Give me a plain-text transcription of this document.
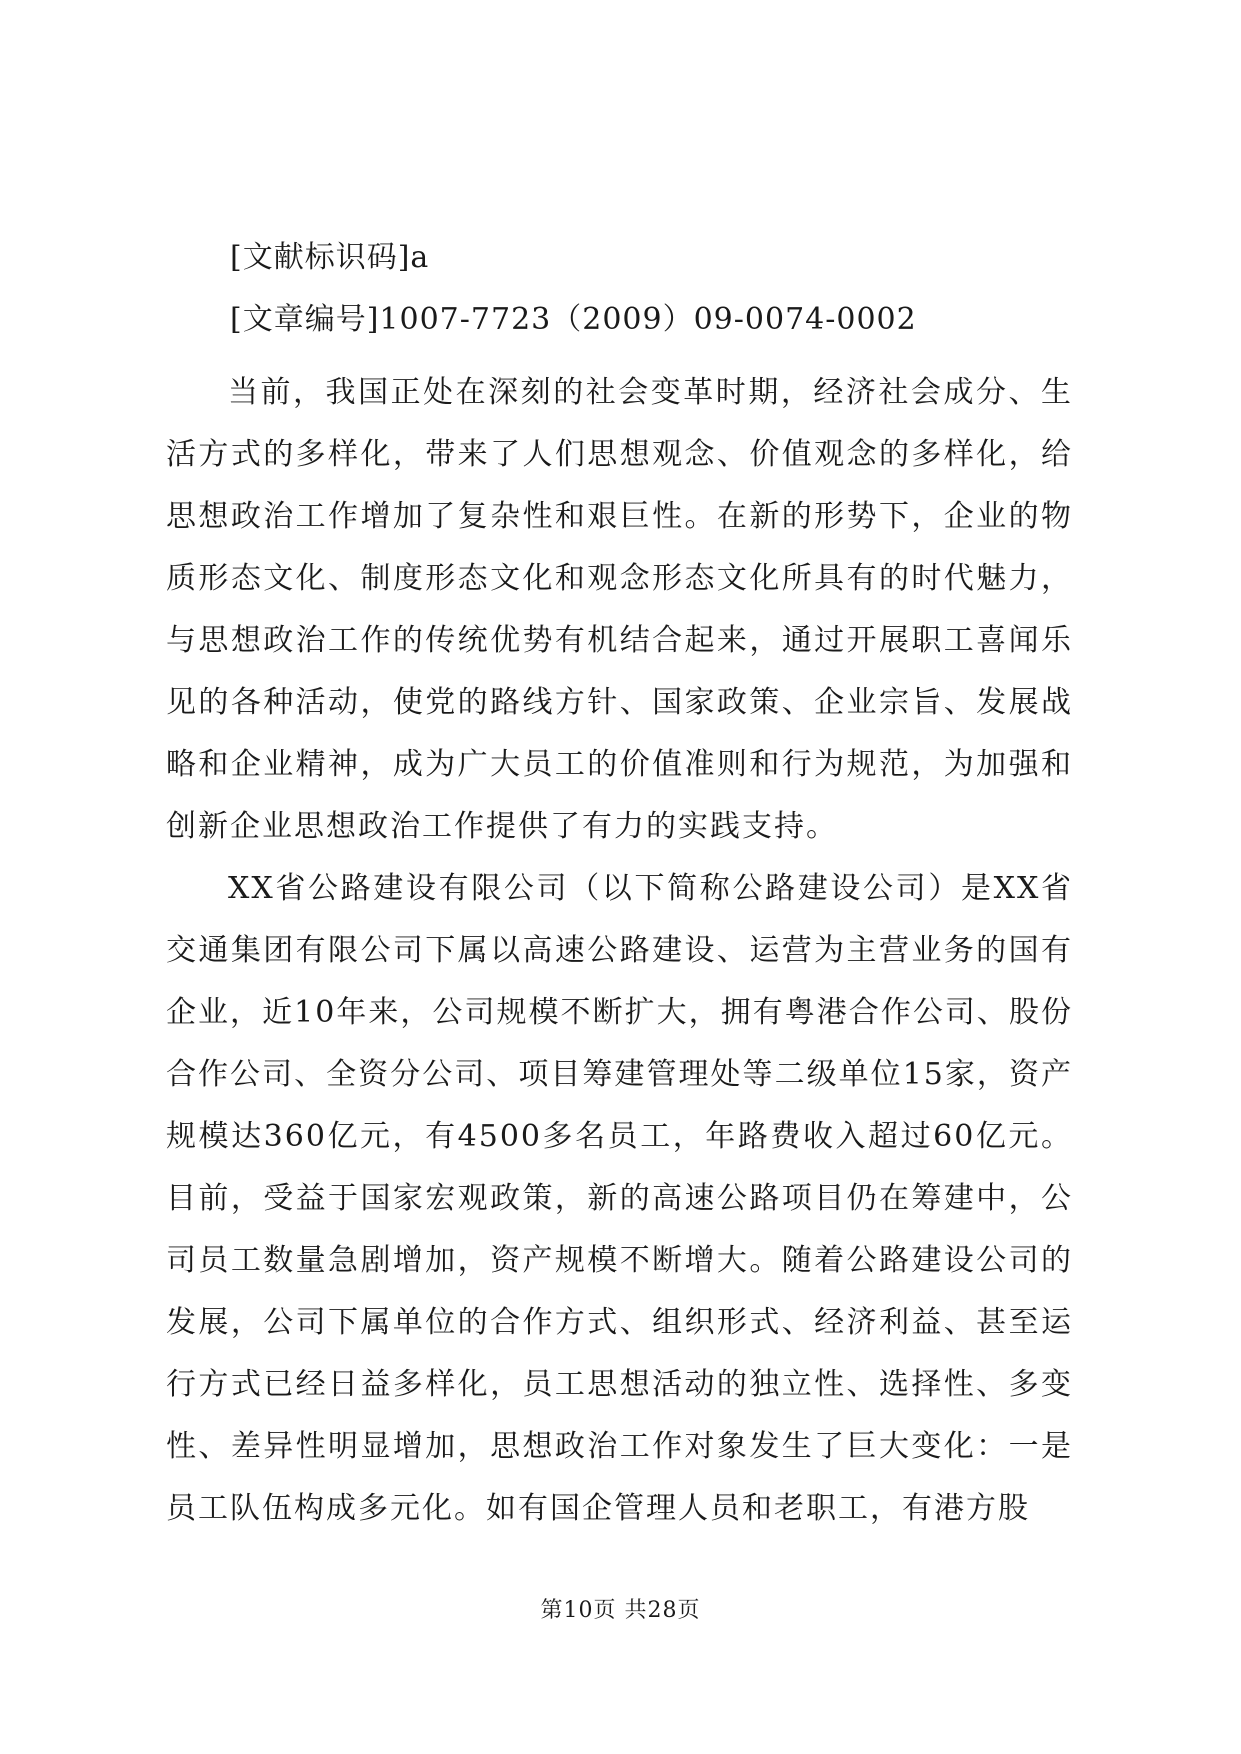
[文献标识码]a
[文章编号]1007-7723（2009）09-0074-0002

当前，我国正处在深刻的社会变革时期，经济社会成分、生活方式的多样化，带来了人们思想观念、价值观念的多样化，给思想政治工作增加了复杂性和艰巨性。在新的形势下，企业的物质形态文化、制度形态文化和观念形态文化所具有的时代魅力，与思想政治工作的传统优势有机结合起来，通过开展职工喜闻乐见的各种活动，使党的路线方针、国家政策、企业宗旨、发展战略和企业精神，成为广大员工的价值准则和行为规范，为加强和创新企业思想政治工作提供了有力的实践支持。

XX省公路建设有限公司（以下简称公路建设公司）是XX省交通集团有限公司下属以高速公路建设、运营为主营业务的国有企业，近10年来，公司规模不断扩大，拥有粤港合作公司、股份合作公司、全资分公司、项目筹建管理处等二级单位15家，资产规模达360亿元，有4500多名员工，年路费收入超过60亿元。目前，受益于国家宏观政策，新的高速公路项目仍在筹建中，公司员工数量急剧增加，资产规模不断增大。随着公路建设公司的发展，公司下属单位的合作方式、组织形式、经济利益、甚至运行方式已经日益多样化，员工思想活动的独立性、选择性、多变性、差异性明显增加，思想政治工作对象发生了巨大变化：一是员工队伍构成多元化。如有国企管理人员和老职工，有港方股

第10页 共28页
